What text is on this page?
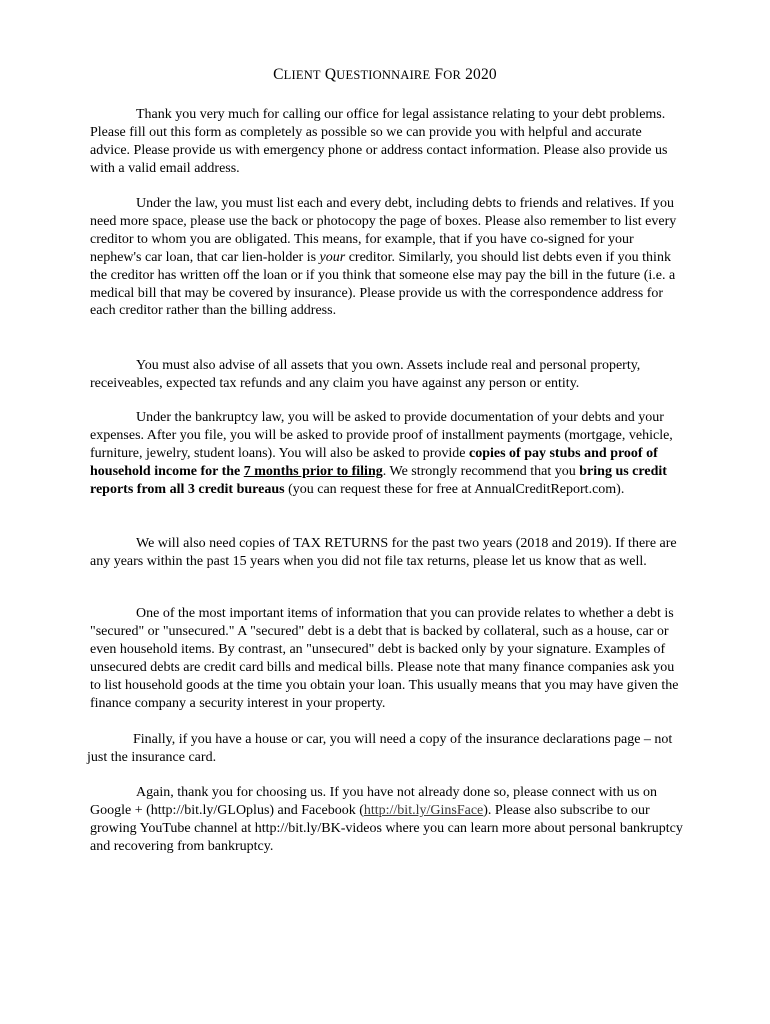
CLIENT QUESTIONNAIRE FOR 2020
Thank you very much for calling our office for legal assistance relating to your debt problems. Please fill out this form as completely as possible so we can provide you with helpful and accurate advice. Please provide us with emergency phone or address contact information. Please also provide us with a valid email address.
Under the law, you must list each and every debt, including debts to friends and relatives. If you need more space, please use the back or photocopy the page of boxes. Please also remember to list every creditor to whom you are obligated. This means, for example, that if you have co-signed for your nephew's car loan, that car lien-holder is your creditor. Similarly, you should list debts even if you think the creditor has written off the loan or if you think that someone else may pay the bill in the future (i.e. a medical bill that may be covered by insurance). Please provide us with the correspondence address for each creditor rather than the billing address.
You must also advise of all assets that you own. Assets include real and personal property, receiveables, expected tax refunds and any claim you have against any person or entity.
Under the bankruptcy law, you will be asked to provide documentation of your debts and your expenses. After you file, you will be asked to provide proof of installment payments (mortgage, vehicle, furniture, jewelry, student loans). You will also be asked to provide copies of pay stubs and proof of household income for the 7 months prior to filing. We strongly recommend that you bring us credit reports from all 3 credit bureaus (you can request these for free at AnnualCreditReport.com).
We will also need copies of TAX RETURNS for the past two years (2018 and 2019). If there are any years within the past 15 years when you did not file tax returns, please let us know that as well.
One of the most important items of information that you can provide relates to whether a debt is "secured" or "unsecured." A "secured" debt is a debt that is backed by collateral, such as a house, car or even household items. By contrast, an "unsecured" debt is backed only by your signature. Examples of unsecured debts are credit card bills and medical bills. Please note that many finance companies ask you to list household goods at the time you obtain your loan. This usually means that you may have given the finance company a security interest in your property.
Finally, if you have a house or car, you will need a copy of the insurance declarations page – not just the insurance card.
Again, thank you for choosing us. If you have not already done so, please connect with us on Google + (http://bit.ly/GLOplus) and Facebook (http://bit.ly/GinsFace). Please also subscribe to our growing YouTube channel at http://bit.ly/BK-videos where you can learn more about personal bankruptcy and recovering from bankruptcy.
